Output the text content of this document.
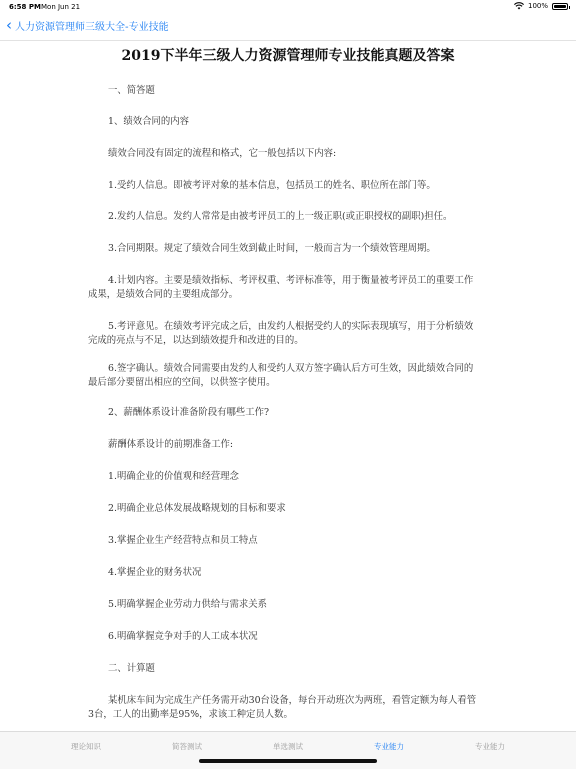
6:58 PM Mon Jun 21	100%
‹ 人力资源管理师三级大全-专业技能
2019下半年三级人力资源管理师专业技能真题及答案

一、简答题

1、绩效合同的内容

绩效合同没有固定的流程和格式，它一般包括以下内容:

1.受约人信息。即被考评对象的基本信息，包括员工的姓名、职位所在部门等。

2.发约人信息。发约人常常是由被考评员工的上一级正职(或正职授权的副职)担任。

3.合同期限。规定了绩效合同生效到截止时间，一般而言为一个绩效管理周期。

4.计划内容。主要是绩效指标、考评权重、考评标准等，用于衡量被考评员工的重要工作

成果，是绩效合同的主要组成部分。

5.考评意见。在绩效考评完成之后，由发约人根据受约人的实际表现填写，用于分析绩效

完成的亮点与不足，以达到绩效提升和改进的目的。

6.签字确认。绩效合同需要由发约人和受约人双方签字确认后方可生效，因此绩效合同的

最后部分要留出相应的空间，以供签字使用。

2、薪酬体系设计准备阶段有哪些工作?

薪酬体系设计的前期准备工作:

1.明确企业的价值观和经营理念

2.明确企业总体发展战略规划的目标和要求

3.掌握企业生产经营特点和员工特点

4.掌握企业的财务状况

5.明确掌握企业劳动力供给与需求关系

6.明确掌握竞争对手的人工成本状况

二、计算题

某机床车间为完成生产任务需开动30台设备，每台开动班次为两班，看管定额为每人看管

3台，工人的出勤率是95%，求该工种定员人数。

理论知识	简答测试	单选测试	专业能力	专业能力
